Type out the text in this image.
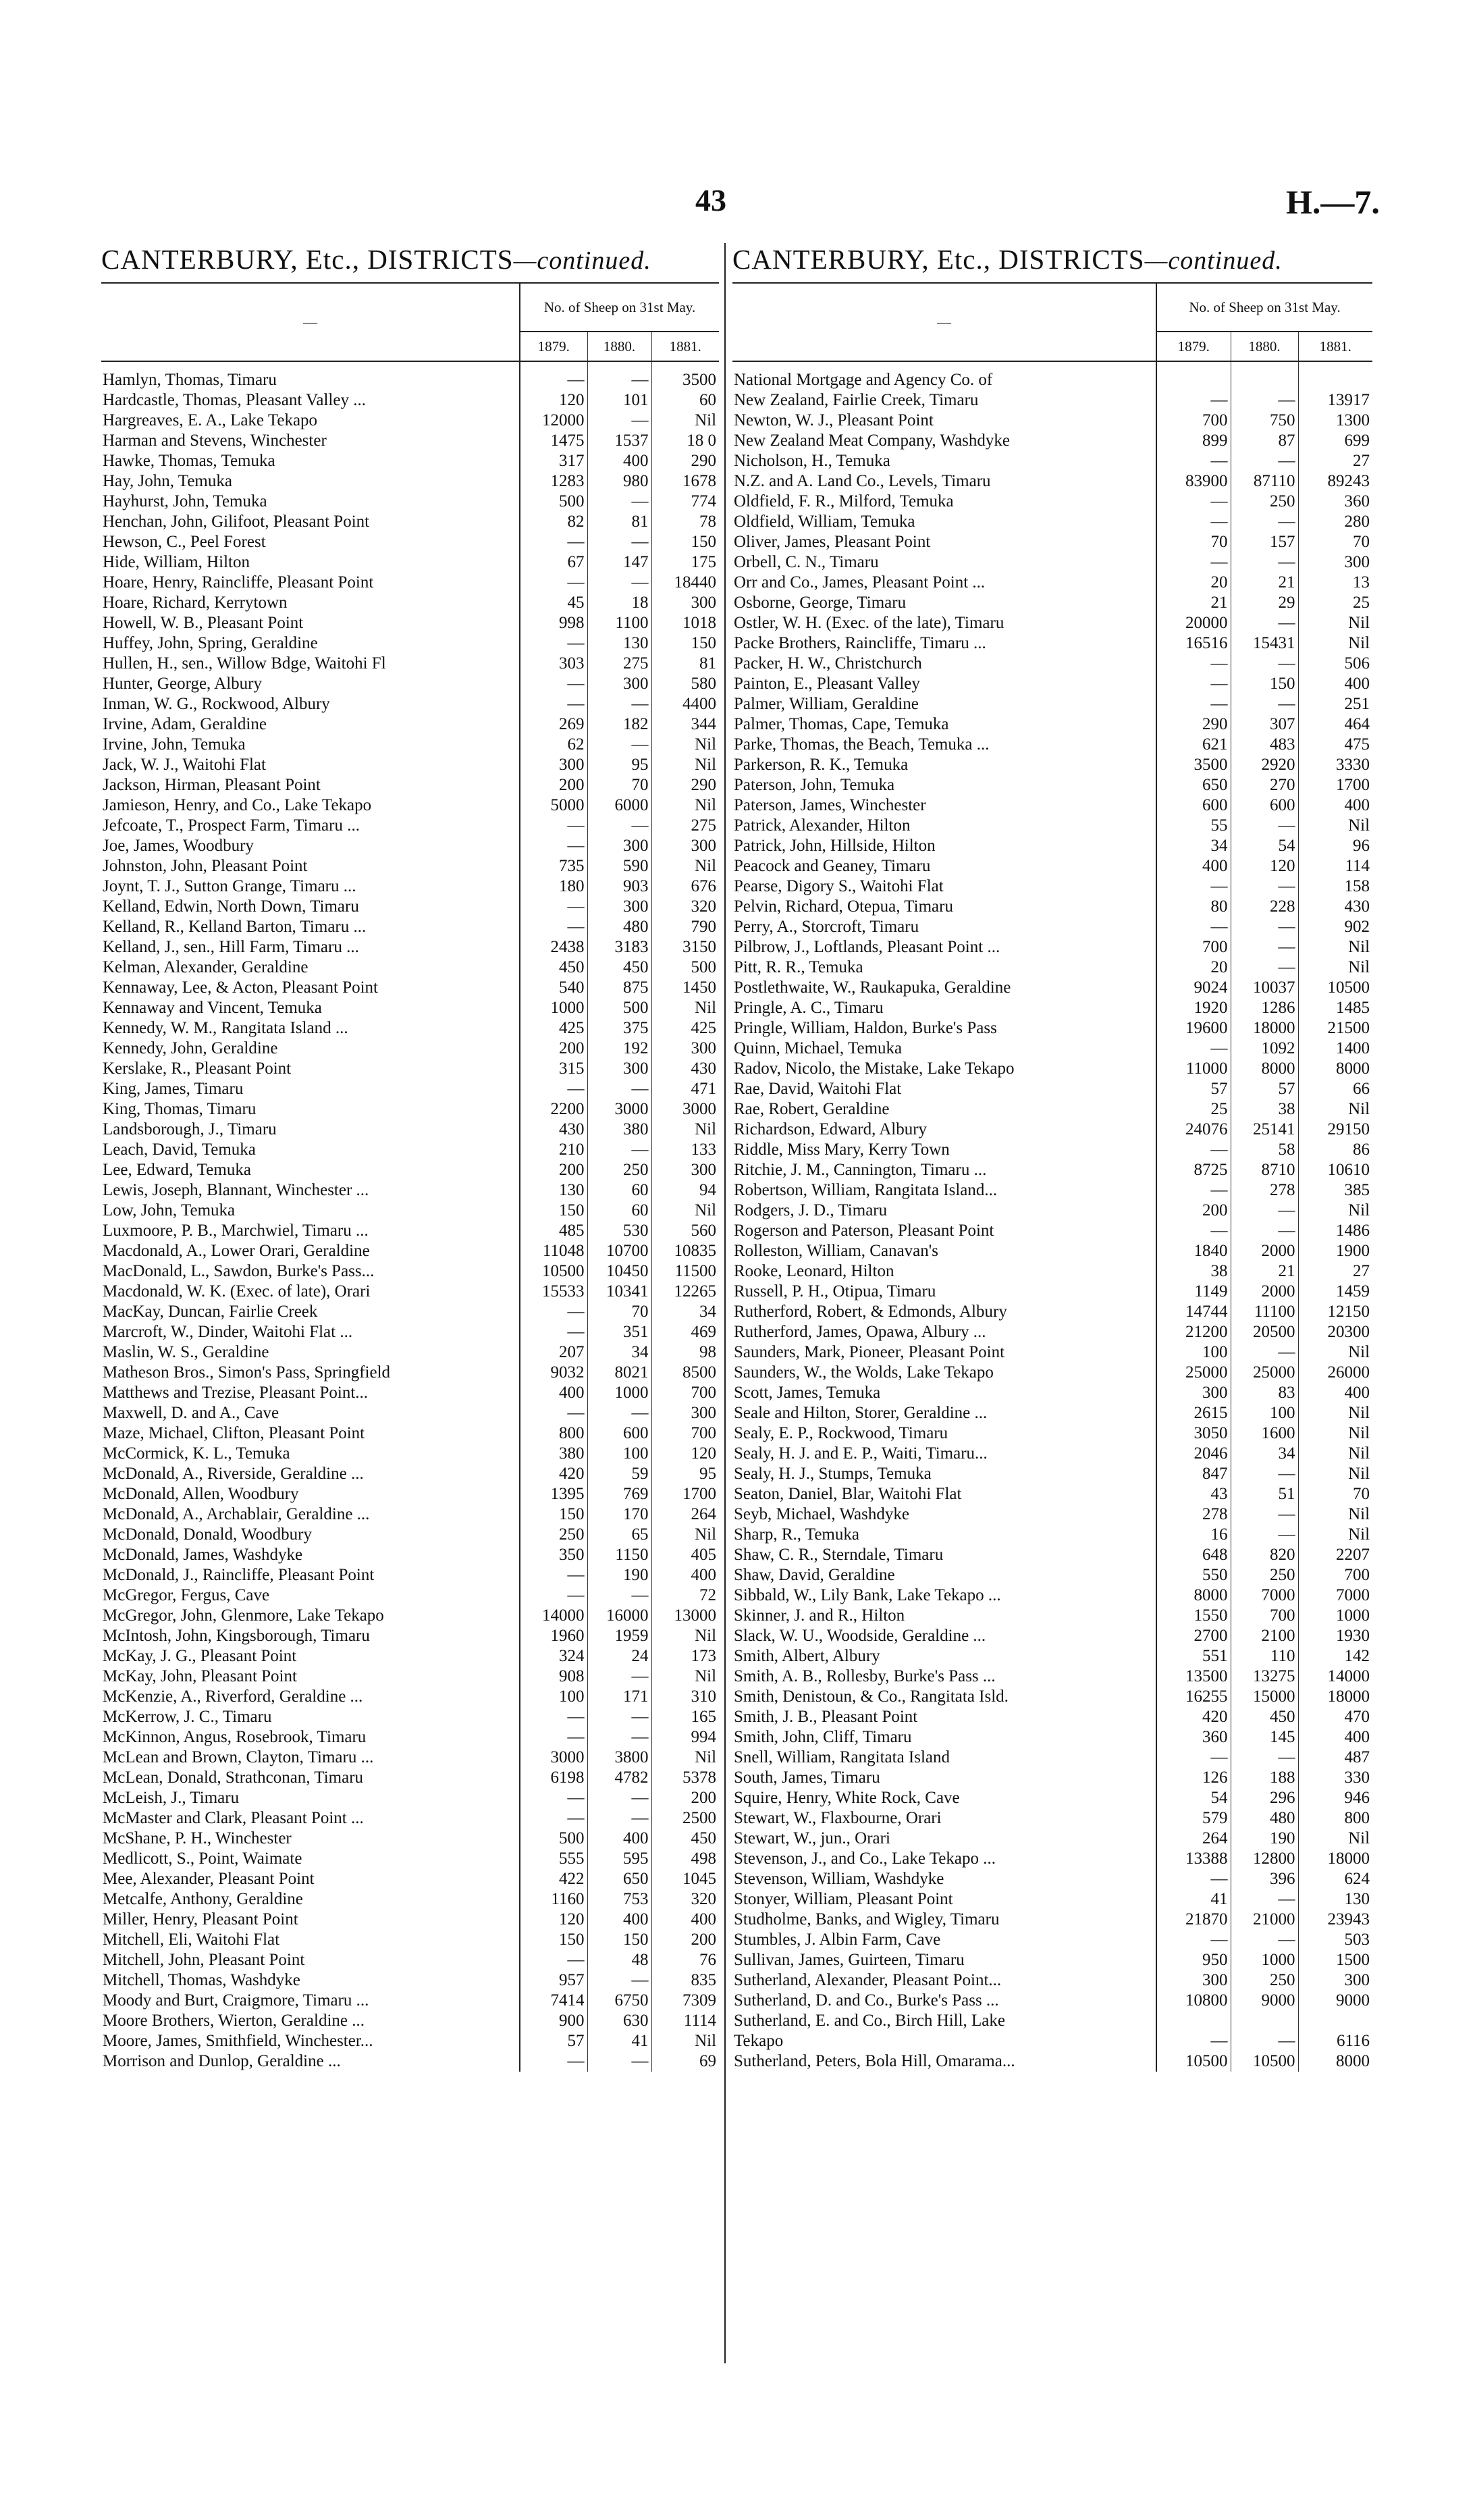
43	H.—7.
CANTERBURY, Etc., DISTRICTS—continued.
—	No. of Sheep on 31st May.		
	1879.	1880.	1881.
Hamlyn, Thomas, Timaru	—	—	3500
Hardcastle, Thomas, Pleasant Valley ...	120	101	60
Hargreaves, E. A., Lake Tekapo	12000	—	Nil
Harman and Stevens, Winchester	1475	1537	18 0
Hawke, Thomas, Temuka	317	400	290
Hay, John, Temuka	1283	980	1678
Hayhurst, John, Temuka	500	—	774
Henchan, John, Gilifoot, Pleasant Point	82	81	78
Hewson, C., Peel Forest	—	—	150
Hide, William, Hilton	67	147	175
Hoare, Henry, Raincliffe, Pleasant Point	—	—	18440
Hoare, Richard, Kerrytown	45	18	300
Howell, W. B., Pleasant Point	998	1100	1018
Huffey, John, Spring, Geraldine	—	130	150
Hullen, H., sen., Willow Bdge, Waitohi Fl	303	275	81
Hunter, George, Albury	—	300	580
Inman, W. G., Rockwood, Albury	—	—	4400
Irvine, Adam, Geraldine	269	182	344
Irvine, John, Temuka	62	—	Nil
Jack, W. J., Waitohi Flat	300	95	Nil
Jackson, Hirman, Pleasant Point	200	70	290
Jamieson, Henry, and Co., Lake Tekapo	5000	6000	Nil
Jefcoate, T., Prospect Farm, Timaru ...	—	—	275
Joe, James, Woodbury	—	300	300
Johnston, John, Pleasant Point	735	590	Nil
Joynt, T. J., Sutton Grange, Timaru ...	180	903	676
Kelland, Edwin, North Down, Timaru	—	300	320
Kelland, R., Kelland Barton, Timaru ...	—	480	790
Kelland, J., sen., Hill Farm, Timaru ...	2438	3183	3150
Kelman, Alexander, Geraldine	450	450	500
Kennaway, Lee, & Acton, Pleasant Point	540	875	1450
Kennaway and Vincent, Temuka	1000	500	Nil
Kennedy, W. M., Rangitata Island ...	425	375	425
Kennedy, John, Geraldine	200	192	300
Kerslake, R., Pleasant Point	315	300	430
King, James, Timaru	—	—	471
King, Thomas, Timaru	2200	3000	3000
Landsborough, J., Timaru	430	380	Nil
Leach, David, Temuka	210	—	133
Lee, Edward, Temuka	200	250	300
Lewis, Joseph, Blannant, Winchester ...	130	60	94
Low, John, Temuka	150	60	Nil
Luxmoore, P. B., Marchwiel, Timaru ...	485	530	560
Macdonald, A., Lower Orari, Geraldine	11048	10700	10835
MacDonald, L., Sawdon, Burke's Pass...	10500	10450	11500
Macdonald, W. K. (Exec. of late), Orari	15533	10341	12265
MacKay, Duncan, Fairlie Creek	—	70	34
Marcroft, W., Dinder, Waitohi Flat ...	—	351	469
Maslin, W. S., Geraldine	207	34	98
Matheson Bros., Simon's Pass, Springfield	9032	8021	8500
Matthews and Trezise, Pleasant Point...	400	1000	700
Maxwell, D. and A., Cave	—	—	300
Maze, Michael, Clifton, Pleasant Point	800	600	700
McCormick, K. L., Temuka	380	100	120
McDonald, A., Riverside, Geraldine ...	420	59	95
McDonald, Allen, Woodbury	1395	769	1700
McDonald, A., Archablair, Geraldine ...	150	170	264
McDonald, Donald, Woodbury	250	65	Nil
McDonald, James, Washdyke	350	1150	405
McDonald, J., Raincliffe, Pleasant Point	—	190	400
McGregor, Fergus, Cave	—	—	72
McGregor, John, Glenmore, Lake Tekapo	14000	16000	13000
McIntosh, John, Kingsborough, Timaru	1960	1959	Nil
McKay, J. G., Pleasant Point	324	24	173
McKay, John, Pleasant Point	908	—	Nil
McKenzie, A., Riverford, Geraldine ...	100	171	310
McKerrow, J. C., Timaru	—	—	165
McKinnon, Angus, Rosebrook, Timaru	—	—	994
McLean and Brown, Clayton, Timaru ...	3000	3800	Nil
McLean, Donald, Strathconan, Timaru	6198	4782	5378
McLeish, J., Timaru	—	—	200
McMaster and Clark, Pleasant Point ...	—	—	2500
McShane, P. H., Winchester	500	400	450
Medlicott, S., Point, Waimate	555	595	498
Mee, Alexander, Pleasant Point	422	650	1045
Metcalfe, Anthony, Geraldine	1160	753	320
Miller, Henry, Pleasant Point	120	400	400
Mitchell, Eli, Waitohi Flat	150	150	200
Mitchell, John, Pleasant Point	—	48	76
Mitchell, Thomas, Washdyke	957	—	835
Moody and Burt, Craigmore, Timaru ...	7414	6750	7309
Moore Brothers, Wierton, Geraldine ...	900	630	1114
Moore, James, Smithfield, Winchester...	57	41	Nil
Morrison and Dunlop, Geraldine ...	—	—	69
CANTERBURY, Etc., DISTRICTS—continued.
—	No. of Sheep on 31st May.		
	1879.	1880.	1881.
National Mortgage and Agency Co. of			
New Zealand, Fairlie Creek, Timaru	—	—	13917
Newton, W. J., Pleasant Point	700	750	1300
New Zealand Meat Company, Washdyke	899	87	699
Nicholson, H., Temuka	—	—	27
N.Z. and A. Land Co., Levels, Timaru	83900	87110	89243
Oldfield, F. R., Milford, Temuka	—	250	360
Oldfield, William, Temuka	—	—	280
Oliver, James, Pleasant Point	70	157	70
Orbell, C. N., Timaru	—	—	300
Orr and Co., James, Pleasant Point ...	20	21	13
Osborne, George, Timaru	21	29	25
Ostler, W. H. (Exec. of the late), Timaru	20000	—	Nil
Packe Brothers, Raincliffe, Timaru ...	16516	15431	Nil
Packer, H. W., Christchurch	—	—	506
Painton, E., Pleasant Valley	—	150	400
Palmer, William, Geraldine	—	—	251
Palmer, Thomas, Cape, Temuka	290	307	464
Parke, Thomas, the Beach, Temuka ...	621	483	475
Parkerson, R. K., Temuka	3500	2920	3330
Paterson, John, Temuka	650	270	1700
Paterson, James, Winchester	600	600	400
Patrick, Alexander, Hilton	55	—	Nil
Patrick, John, Hillside, Hilton	34	54	96
Peacock and Geaney, Timaru	400	120	114
Pearse, Digory S., Waitohi Flat	—	—	158
Pelvin, Richard, Otepua, Timaru	80	228	430
Perry, A., Storcroft, Timaru	—	—	902
Pilbrow, J., Loftlands, Pleasant Point ...	700	—	Nil
Pitt, R. R., Temuka	20	—	Nil
Postlethwaite, W., Raukapuka, Geraldine	9024	10037	10500
Pringle, A. C., Timaru	1920	1286	1485
Pringle, William, Haldon, Burke's Pass	19600	18000	21500
Quinn, Michael, Temuka	—	1092	1400
Radov, Nicolo, the Mistake, Lake Tekapo	11000	8000	8000
Rae, David, Waitohi Flat	57	57	66
Rae, Robert, Geraldine	25	38	Nil
Richardson, Edward, Albury	24076	25141	29150
Riddle, Miss Mary, Kerry Town	—	58	86
Ritchie, J. M., Cannington, Timaru ...	8725	8710	10610
Robertson, William, Rangitata Island...	—	278	385
Rodgers, J. D., Timaru	200	—	Nil
Rogerson and Paterson, Pleasant Point	—	—	1486
Rolleston, William, Canavan's	1840	2000	1900
Rooke, Leonard, Hilton	38	21	27
Russell, P. H., Otipua, Timaru	1149	2000	1459
Rutherford, Robert, & Edmonds, Albury	14744	11100	12150
Rutherford, James, Opawa, Albury ...	21200	20500	20300
Saunders, Mark, Pioneer, Pleasant Point	100	—	Nil
Saunders, W., the Wolds, Lake Tekapo	25000	25000	26000
Scott, James, Temuka	300	83	400
Seale and Hilton, Storer, Geraldine ...	2615	100	Nil
Sealy, E. P., Rockwood, Timaru	3050	1600	Nil
Sealy, H. J. and E. P., Waiti, Timaru...	2046	34	Nil
Sealy, H. J., Stumps, Temuka	847	—	Nil
Seaton, Daniel, Blar, Waitohi Flat	43	51	70
Seyb, Michael, Washdyke	278	—	Nil
Sharp, R., Temuka	16	—	Nil
Shaw, C. R., Sterndale, Timaru	648	820	2207
Shaw, David, Geraldine	550	250	700
Sibbald, W., Lily Bank, Lake Tekapo ...	8000	7000	7000
Skinner, J. and R., Hilton	1550	700	1000
Slack, W. U., Woodside, Geraldine ...	2700	2100	1930
Smith, Albert, Albury	551	110	142
Smith, A. B., Rollesby, Burke's Pass ...	13500	13275	14000
Smith, Denistoun, & Co., Rangitata Isld.	16255	15000	18000
Smith, J. B., Pleasant Point	420	450	470
Smith, John, Cliff, Timaru	360	145	400
Snell, William, Rangitata Island	—	—	487
South, James, Timaru	126	188	330
Squire, Henry, White Rock, Cave	54	296	946
Stewart, W., Flaxbourne, Orari	579	480	800
Stewart, W., jun., Orari	264	190	Nil
Stevenson, J., and Co., Lake Tekapo ...	13388	12800	18000
Stevenson, William, Washdyke	—	396	624
Stonyer, William, Pleasant Point	41	—	130
Studholme, Banks, and Wigley, Timaru	21870	21000	23943
Stumbles, J. Albin Farm, Cave	—	—	503
Sullivan, James, Guirteen, Timaru	950	1000	1500
Sutherland, Alexander, Pleasant Point...	300	250	300
Sutherland, D. and Co., Burke's Pass ...	10800	9000	9000
Sutherland, E. and Co., Birch Hill, Lake			
Tekapo	—	—	6116
Sutherland, Peters, Bola Hill, Omarama...	10500	10500	8000
